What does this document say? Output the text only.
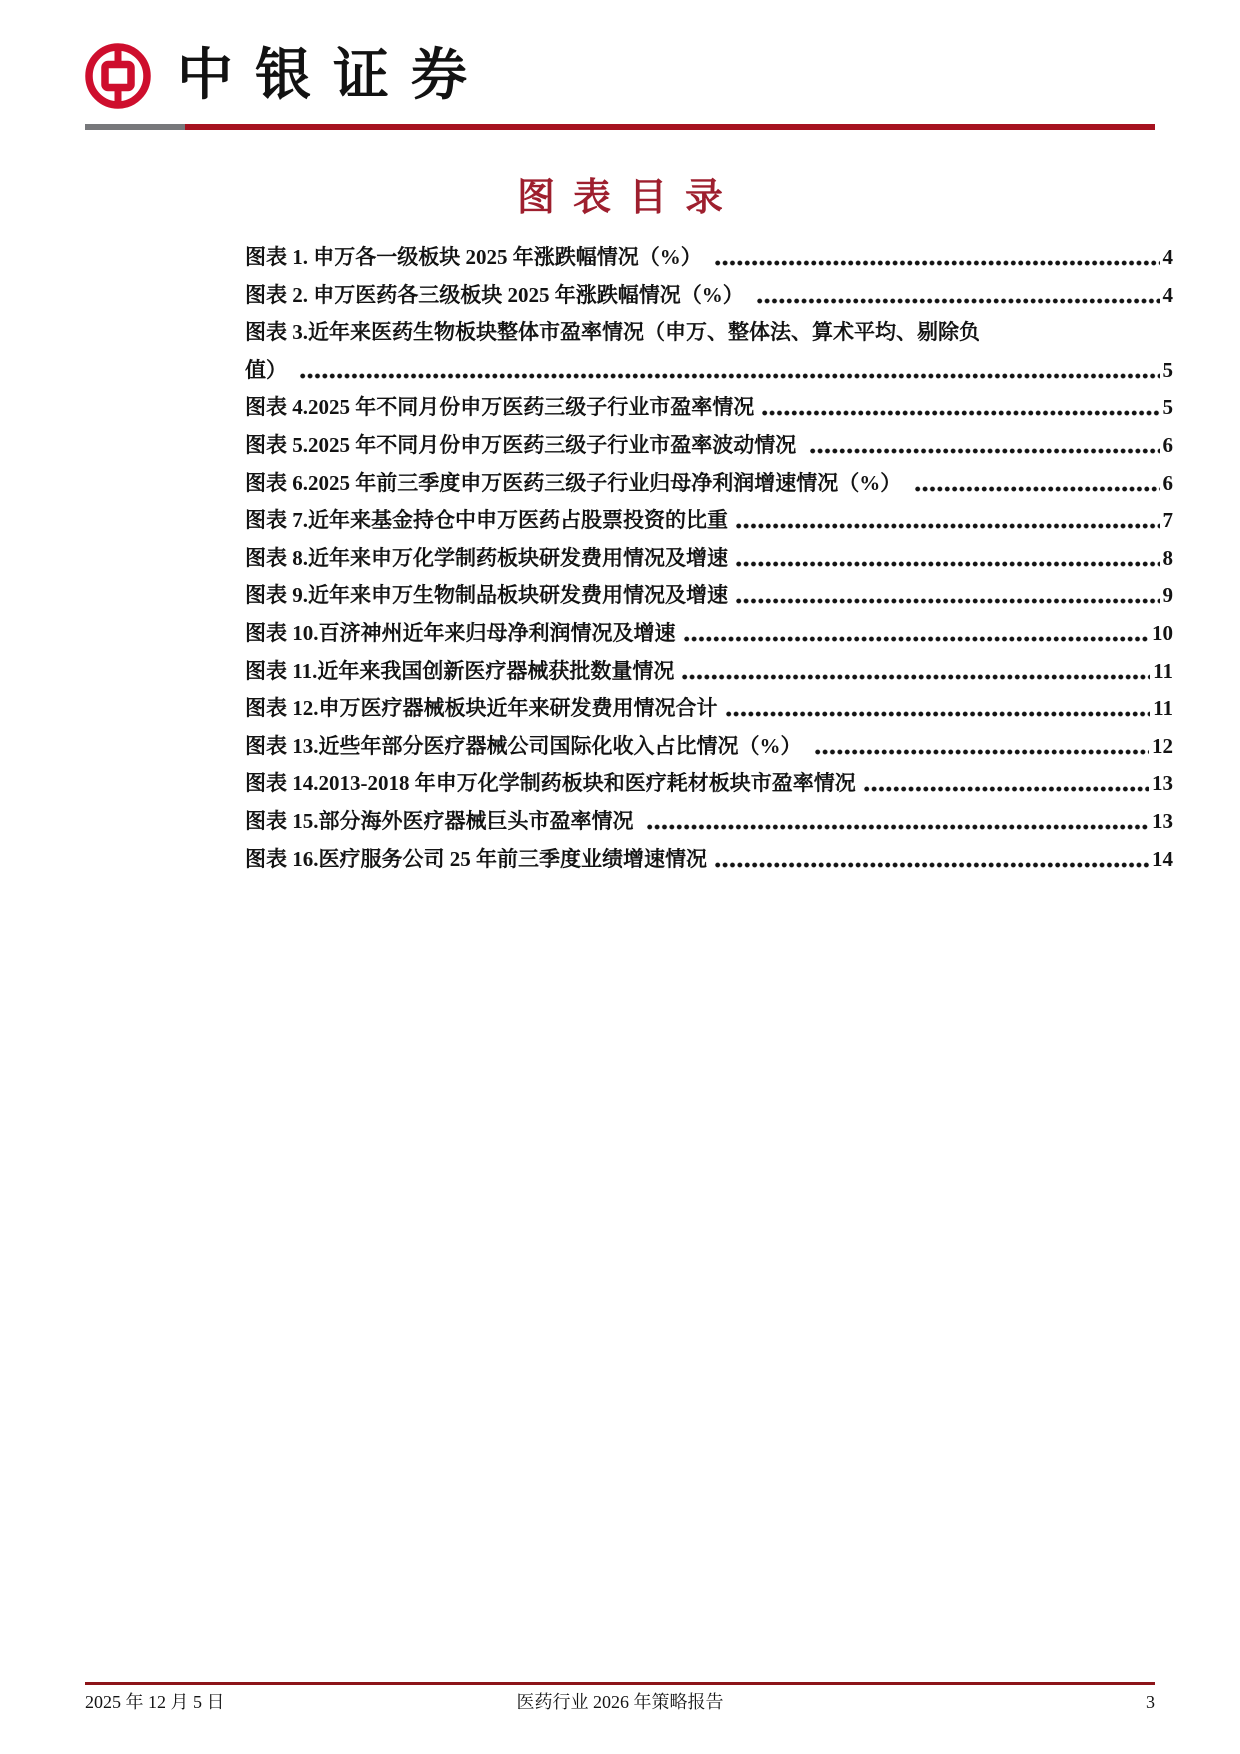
中银证券
图表目录
图表 1. 申万各一级板块 2025 年涨跌幅情况（%）	4
图表 2. 申万医药各三级板块 2025 年涨跌幅情况（%）	4
图表 3.近年来医药生物板块整体市盈率情况（申万、整体法、算术平均、剔除负
值）	5
图表 4.2025 年不同月份申万医药三级子行业市盈率情况	5
图表 5.2025 年不同月份申万医药三级子行业市盈率波动情况	6
图表 6.2025 年前三季度申万医药三级子行业归母净利润增速情况（%）	6
图表 7.近年来基金持仓中申万医药占股票投资的比重	7
图表 8.近年来申万化学制药板块研发费用情况及增速	8
图表 9.近年来申万生物制品板块研发费用情况及增速	9
图表 10.百济神州近年来归母净利润情况及增速	10
图表 11.近年来我国创新医疗器械获批数量情况	11
图表 12.申万医疗器械板块近年来研发费用情况合计	11
图表 13.近些年部分医疗器械公司国际化收入占比情况（%）	12
图表 14.2013-2018 年申万化学制药板块和医疗耗材板块市盈率情况	13
图表 15.部分海外医疗器械巨头市盈率情况	13
图表 16.医疗服务公司 25 年前三季度业绩增速情况	14
2025 年 12 月 5 日	医药行业 2026 年策略报告	3
